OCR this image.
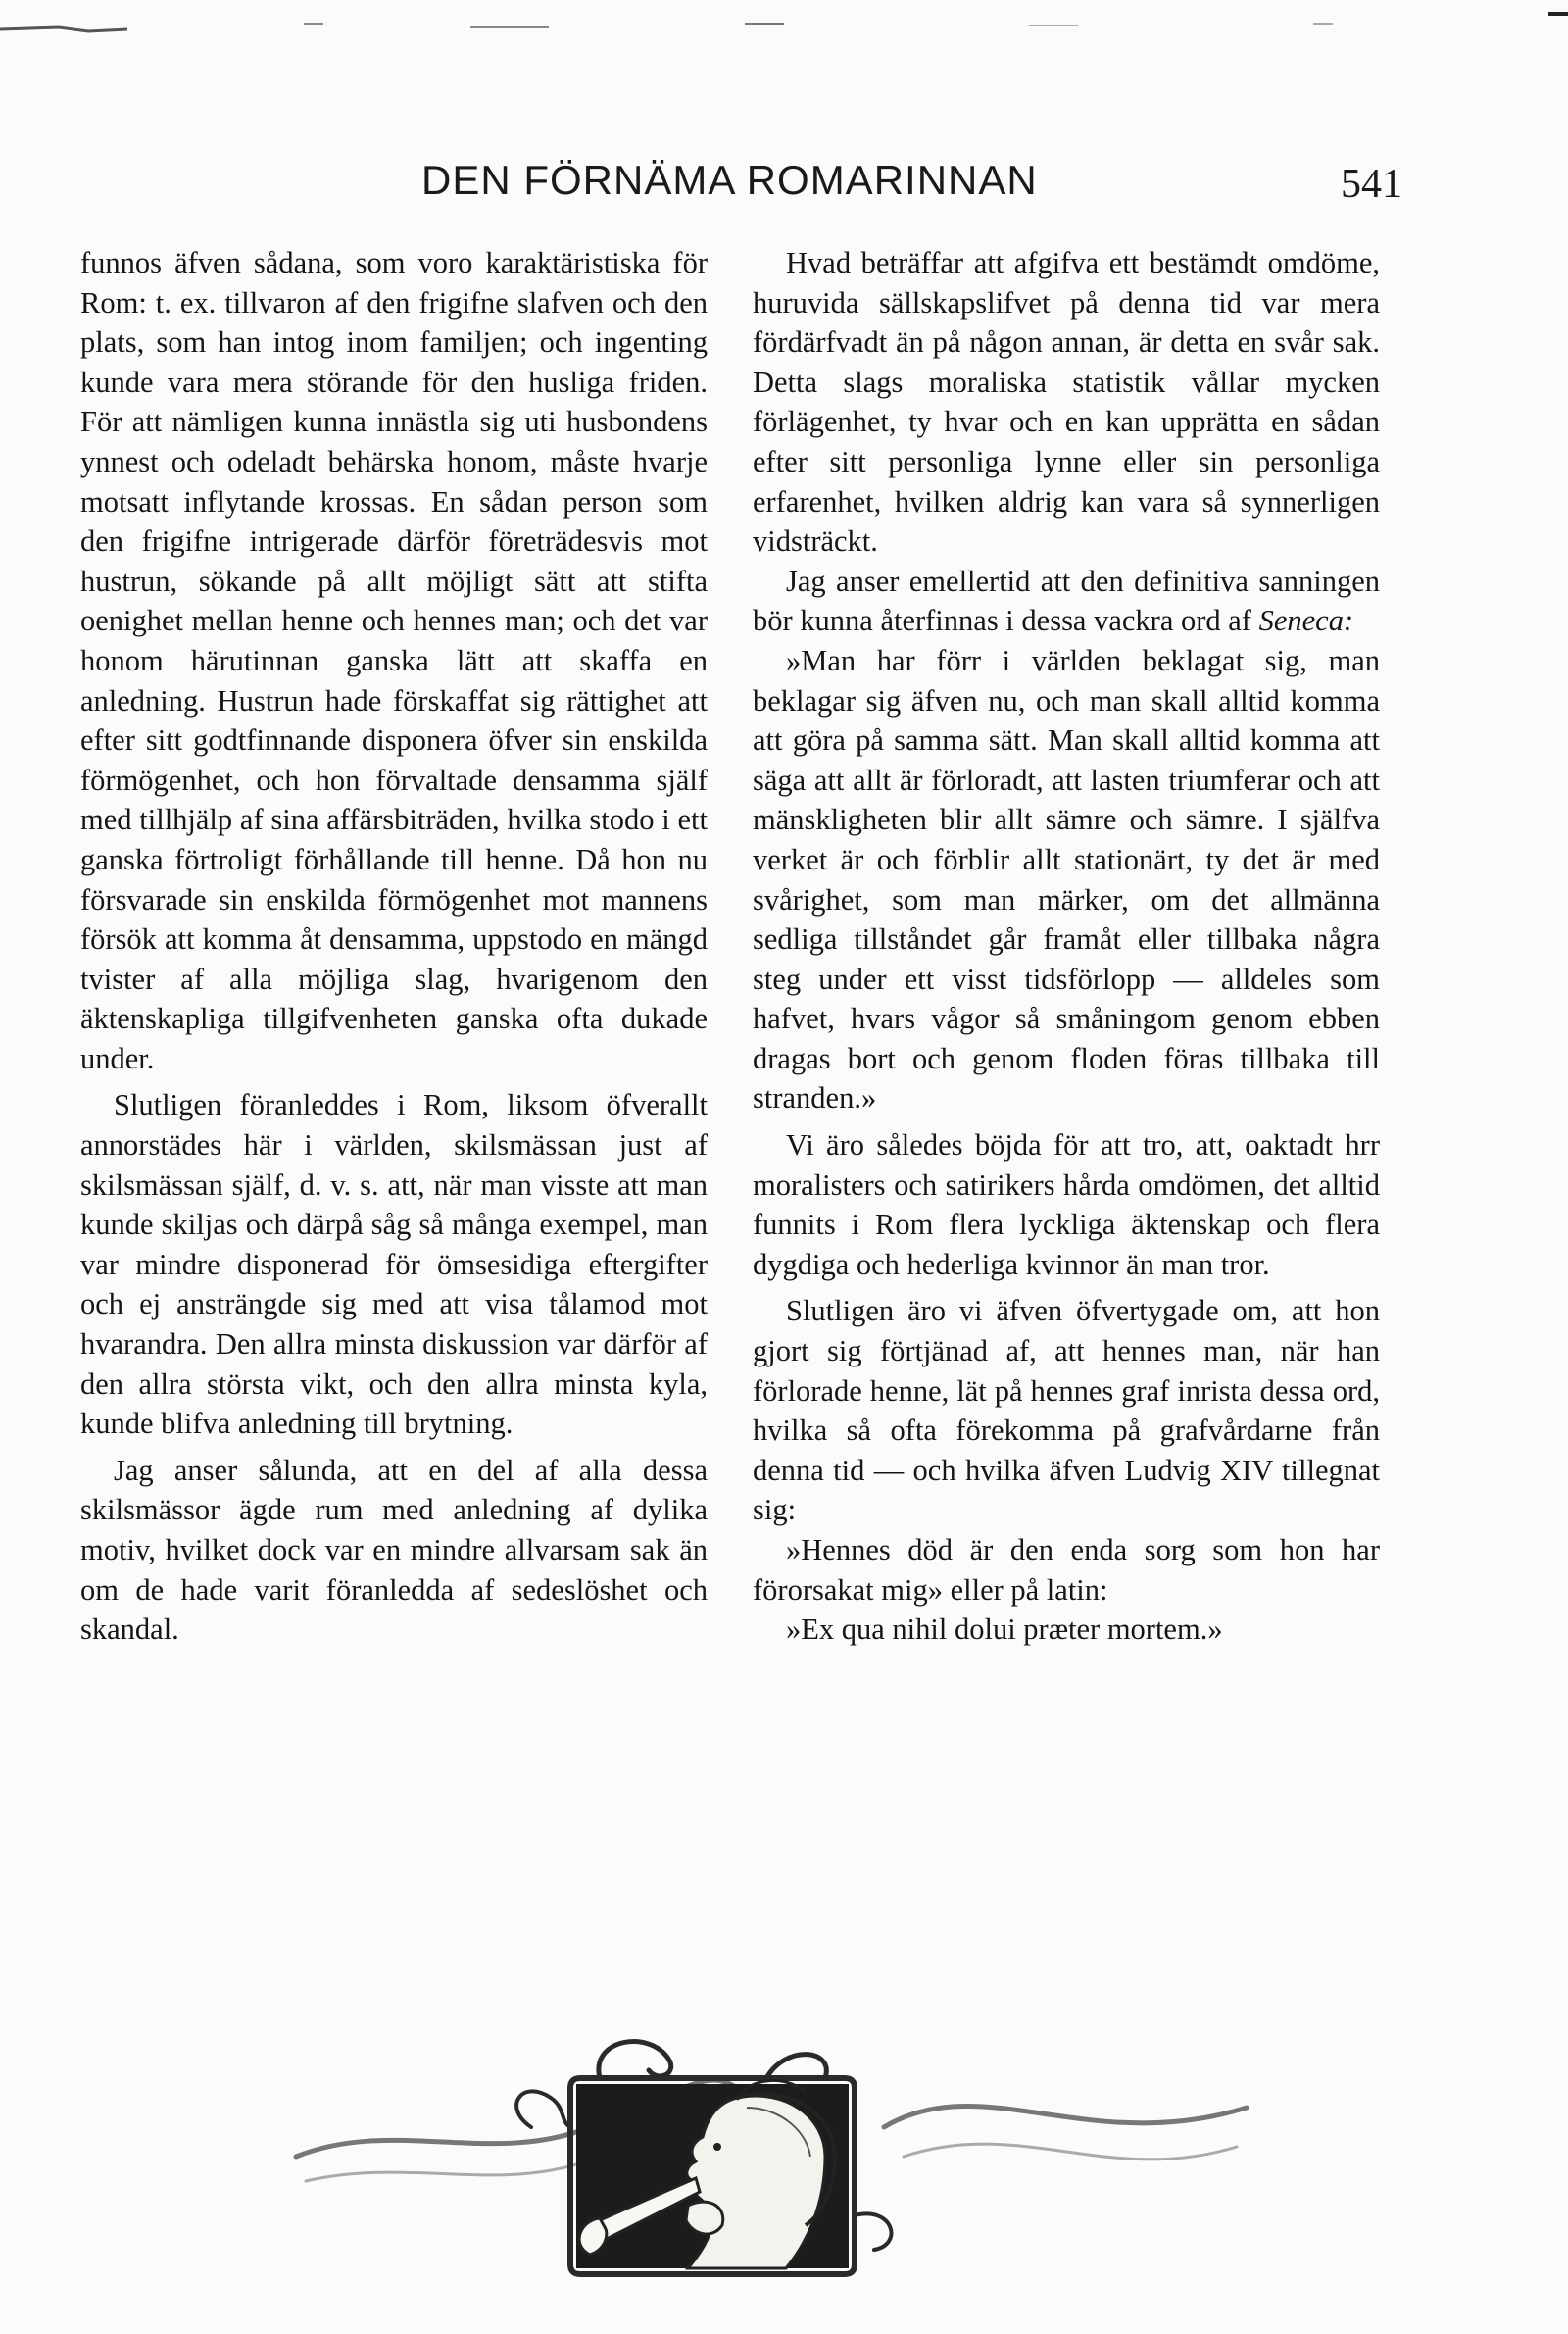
DEN FÖRNÄMA ROMARINNAN	541

funnos äfven sådana, som voro karaktäristiska för Rom: t. ex. tillvaron af den frigifne slafven och den plats, som han intog inom familjen; och ingenting kunde vara mera störande för den husliga friden. För att nämligen kunna innästla sig uti husbondens ynnest och odeladt behärska honom, måste hvarje motsatt inflytande krossas. En sådan person som den frigifne intrigerade därför företrädesvis mot hustrun, sökande på allt möjligt sätt att stifta oenighet mellan henne och hennes man; och det var honom härutinnan ganska lätt att skaffa en anledning. Hustrun hade förskaffat sig rättighet att efter sitt godtfinnande disponera öfver sin enskilda förmögenhet, och hon förvaltade densamma själf med tillhjälp af sina affärsbiträden, hvilka stodo i ett ganska förtroligt förhållande till henne. Då hon nu försvarade sin enskilda förmögenhet mot mannens försök att komma åt densamma, uppstodo en mängd tvister af alla möjliga slag, hvarigenom den äktenskapliga tillgifvenheten ganska ofta dukade under.

Slutligen föranleddes i Rom, liksom öfverallt annorstädes här i världen, skilsmässan just af skilsmässan själf, d. v. s. att, när man visste att man kunde skiljas och därpå såg så många exempel, man var mindre disponerad för ömsesidiga eftergifter och ej ansträngde sig med att visa tålamod mot hvarandra. Den allra minsta diskussion var därför af den allra största vikt, och den allra minsta kyla, kunde blifva anledning till brytning.

Jag anser sålunda, att en del af alla dessa skilsmässor ägde rum med anledning af dylika motiv, hvilket dock var en mindre allvarsam sak än om de hade varit föranledda af sedeslöshet och skandal.

Hvad beträffar att afgifva ett bestämdt omdöme, huruvida sällskapslifvet på denna tid var mera fördärfvadt än på någon annan, är detta en svår sak. Detta slags moraliska statistik vållar mycken förlägenhet, ty hvar och en kan upprätta en sådan efter sitt personliga lynne eller sin personliga erfarenhet, hvilken aldrig kan vara så synnerligen vidsträckt.

Jag anser emellertid att den definitiva sanningen bör kunna återfinnas i dessa vackra ord af Seneca:

»Man har förr i världen beklagat sig, man beklagar sig äfven nu, och man skall alltid komma att göra på samma sätt. Man skall alltid komma att säga att allt är förloradt, att lasten triumferar och att mänskligheten blir allt sämre och sämre. I själfva verket är och förblir allt stationärt, ty det är med svårighet, som man märker, om det allmänna sedliga tillståndet går framåt eller tillbaka några steg under ett visst tidsförlopp — alldeles som hafvet, hvars vågor så småningom genom ebben dragas bort och genom floden föras tillbaka till stranden.»

Vi äro således böjda för att tro, att, oaktadt hrr moralisters och satirikers hårda omdömen, det alltid funnits i Rom flera lyckliga äktenskap och flera dygdiga och hederliga kvinnor än man tror.

Slutligen äro vi äfven öfvertygade om, att hon gjort sig förtjänad af, att hennes man, när han förlorade henne, lät på hennes graf inrista dessa ord, hvilka så ofta förekomma på grafvårdarne från denna tid — och hvilka äfven Ludvig XIV tillegnat sig:

»Hennes död är den enda sorg som hon har förorsakat mig» eller på latin:

»Ex qua nihil dolui præter mortem.»
